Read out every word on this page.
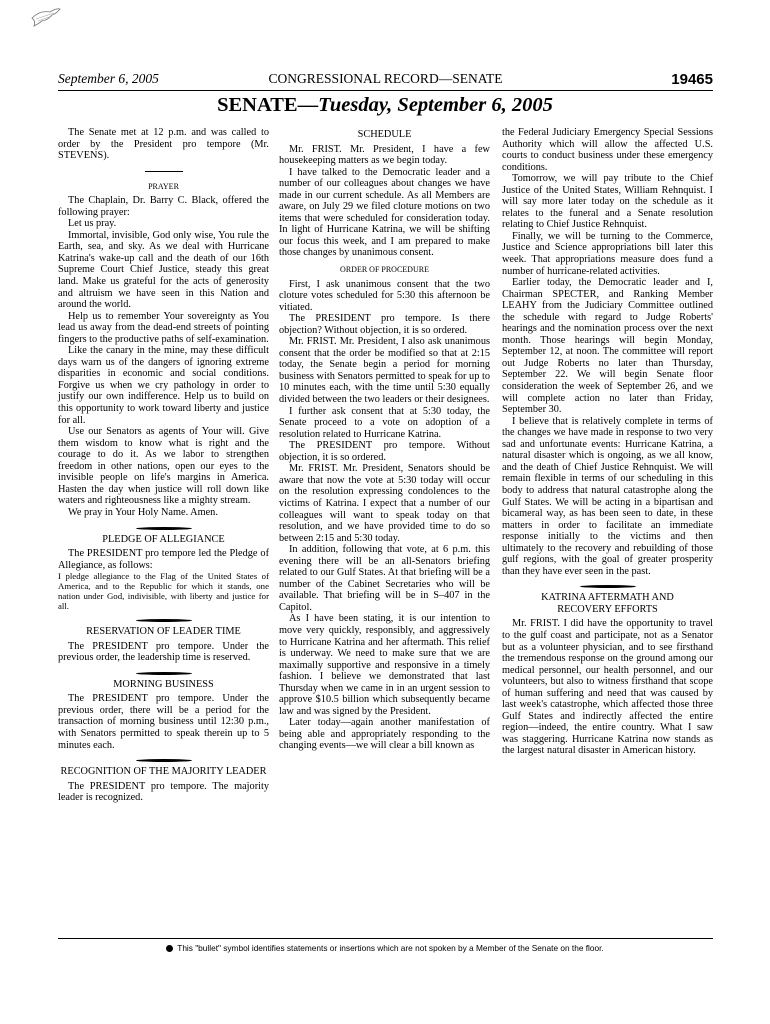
September 6, 2005	CONGRESSIONAL RECORD—SENATE	19465
SENATE—Tuesday, September 6, 2005

The Senate met at 12 p.m. and was called to order by the President pro tempore (Mr. STEVENS).

PRAYER

The Chaplain, Dr. Barry C. Black, offered the following prayer:

Let us pray.

Immortal, invisible, God only wise, You rule the Earth, sea, and sky. As we deal with Hurricane Katrina's wake-up call and the death of our 16th Supreme Court Chief Justice, steady this great land. Make us grateful for the acts of generosity and altruism we have seen in this Nation and around the world.

Help us to remember Your sovereignty as You lead us away from the dead-end streets of pointing fingers to the productive paths of self-examination.

Like the canary in the mine, may these difficult days warn us of the dangers of ignoring extreme disparities in economic and social conditions. Forgive us when we cry pathology in order to justify our own indifference. Help us to build on this opportunity to work toward liberty and justice for all.

Use our Senators as agents of Your will. Give them wisdom to know what is right and the courage to do it. As we labor to strengthen freedom in other nations, open our eyes to the invisible people on life's margins in America. Hasten the day when justice will roll down like waters and righteousness like a mighty stream.

We pray in Your Holy Name. Amen.

PLEDGE OF ALLEGIANCE

The PRESIDENT pro tempore led the Pledge of Allegiance, as follows:

I pledge allegiance to the Flag of the United States of America, and to the Republic for which it stands, one nation under God, indivisible, with liberty and justice for all.

RESERVATION OF LEADER TIME

The PRESIDENT pro tempore. Under the previous order, the leadership time is reserved.

MORNING BUSINESS

The PRESIDENT pro tempore. Under the previous order, there will be a period for the transaction of morning business until 12:30 p.m., with Senators permitted to speak therein up to 5 minutes each.

RECOGNITION OF THE MAJORITY LEADER

The PRESIDENT pro tempore. The majority leader is recognized.

SCHEDULE

Mr. FRIST. Mr. President, I have a few housekeeping matters as we begin today.

I have talked to the Democratic leader and a number of our colleagues about changes we have made in our current schedule. As all Members are aware, on July 29 we filed cloture motions on two items that were scheduled for consideration today. In light of Hurricane Katrina, we will be shifting our focus this week, and I am prepared to make those changes by unanimous consent.

ORDER OF PROCEDURE

First, I ask unanimous consent that the two cloture votes scheduled for 5:30 this afternoon be vitiated.

The PRESIDENT pro tempore. Is there objection? Without objection, it is so ordered.

Mr. FRIST. Mr. President, I also ask unanimous consent that the order be modified so that at 2:15 today, the Senate begin a period for morning business with Senators permitted to speak for up to 10 minutes each, with the time until 5:30 equally divided between the two leaders or their designees.

I further ask consent that at 5:30 today, the Senate proceed to a vote on adoption of a resolution related to Hurricane Katrina.

The PRESIDENT pro tempore. Without objection, it is so ordered.

Mr. FRIST. Mr. President, Senators should be aware that now the vote at 5:30 today will occur on the resolution expressing condolences to the victims of Katrina. I expect that a number of our colleagues will want to speak today on that resolution, and we have provided time to do so between 2:15 and 5:30 today.

In addition, following that vote, at 6 p.m. this evening there will be an all-Senators briefing related to our Gulf States. At that briefing will be a number of the Cabinet Secretaries who will be available. That briefing will be in S–407 in the Capitol.

As I have been stating, it is our intention to move very quickly, responsibly, and aggressively to Hurricane Katrina and her aftermath. This relief is underway. We need to make sure that we are maximally supportive and responsive in a timely fashion. I believe we demonstrated that last Thursday when we came in in an urgent session to approve $10.5 billion which subsequently became law and was signed by the President.

Later today—again another manifestation of being able and appropriately responding to the changing events—we will clear a bill known as

the Federal Judiciary Emergency Special Sessions Authority which will allow the affected U.S. courts to conduct business under these emergency conditions.

Tomorrow, we will pay tribute to the Chief Justice of the United States, William Rehnquist. I will say more later today on the schedule as it relates to the funeral and a Senate resolution relating to Chief Justice Rehnquist.

Finally, we will be turning to the Commerce, Justice and Science appropriations bill later this week. That appropriations measure does fund a number of hurricane-related activities.

Earlier today, the Democratic leader and I, Chairman SPECTER, and Ranking Member LEAHY from the Judiciary Committee outlined the schedule with regard to Judge Roberts' hearings and the nomination process over the next month. Those hearings will begin Monday, September 12, at noon. The committee will report out Judge Roberts no later than Thursday, September 22. We will begin Senate floor consideration the week of September 26, and we will complete action no later than Friday, September 30.

I believe that is relatively complete in terms of the changes we have made in response to two very sad and unfortunate events: Hurricane Katrina, a natural disaster which is ongoing, as we all know, and the death of Chief Justice Rehnquist. We will remain flexible in terms of our scheduling in this body to address that natural catastrophe along the Gulf States. We will be acting in a bipartisan and bicameral way, as has been seen to date, in these matters in order to facilitate an immediate response initially to the victims and then ultimately to the recovery and rebuilding of those gulf regions, with the goal of greater prosperity than they have ever seen in the past.

KATRINA AFTERMATH AND RECOVERY EFFORTS

Mr. FRIST. I did have the opportunity to travel to the gulf coast and participate, not as a Senator but as a volunteer physician, and to see firsthand the tremendous response on the ground among our medical personnel, our health personnel, and our volunteers, but also to witness firsthand that scope of human suffering and need that was caused by last week's catastrophe, which affected those three Gulf States and indirectly affected the entire region—indeed, the entire country. What I saw was staggering. Hurricane Katrina now stands as the largest natural disaster in American history.

This "bullet" symbol identifies statements or insertions which are not spoken by a Member of the Senate on the floor.
